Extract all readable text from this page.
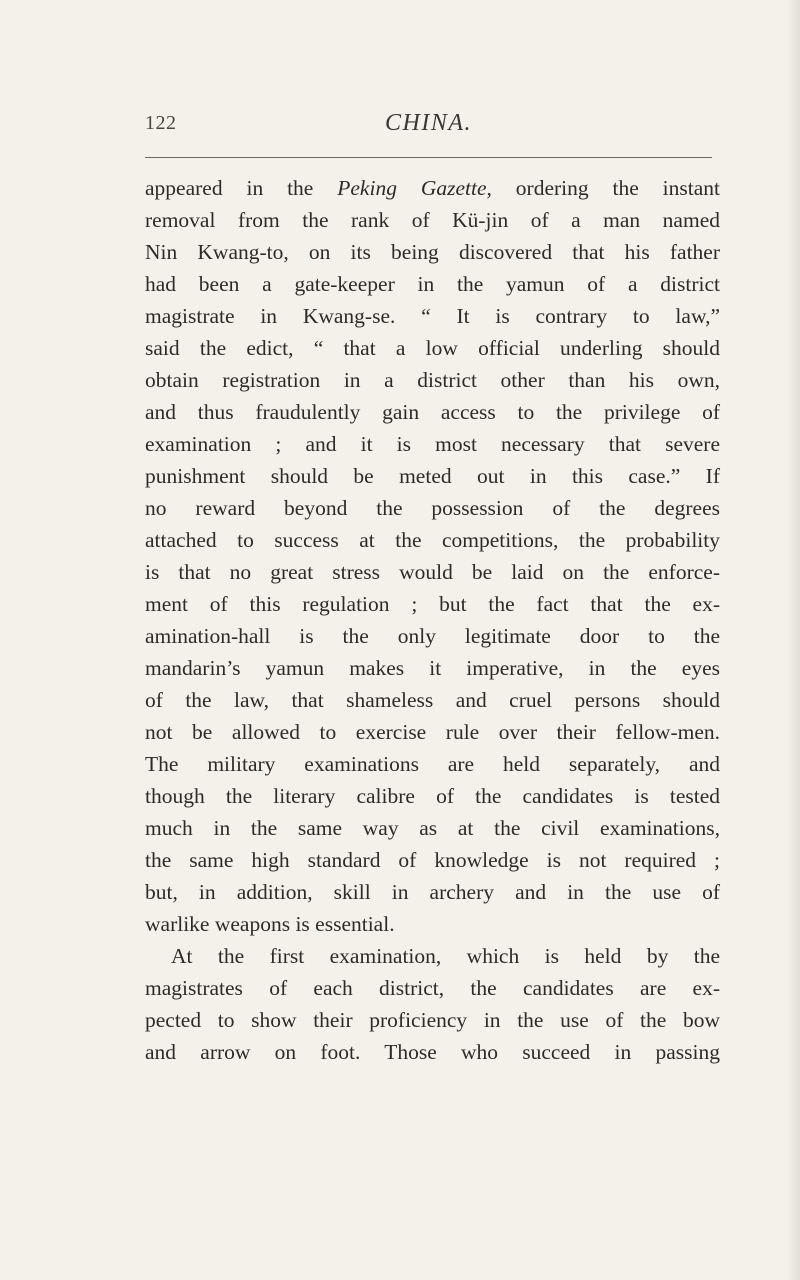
122	CHINA.
appeared in the Peking Gazette, ordering the instant
removal from the rank of Kü-jin of a man named
Nin Kwang-to, on its being discovered that his father
had been a gate-keeper in the yamun of a district
magistrate in Kwang-se. “ It is contrary to law,”
said the edict, “ that a low official underling should
obtain registration in a district other than his own,
and thus fraudulently gain access to the privilege of
examination ; and it is most necessary that severe
punishment should be meted out in this case.” If
no reward beyond the possession of the degrees
attached to success at the competitions, the probability
is that no great stress would be laid on the enforce-
ment of this regulation ; but the fact that the ex-
amination-hall is the only legitimate door to the
mandarin’s yamun makes it imperative, in the eyes
of the law, that shameless and cruel persons should
not be allowed to exercise rule over their fellow-men.
The military examinations are held separately, and
though the literary calibre of the candidates is tested
much in the same way as at the civil examinations,
the same high standard of knowledge is not required ;
but, in addition, skill in archery and in the use of
warlike weapons is essential.
At the first examination, which is held by the
magistrates of each district, the candidates are ex-
pected to show their proficiency in the use of the bow
and arrow on foot. Those who succeed in passing
